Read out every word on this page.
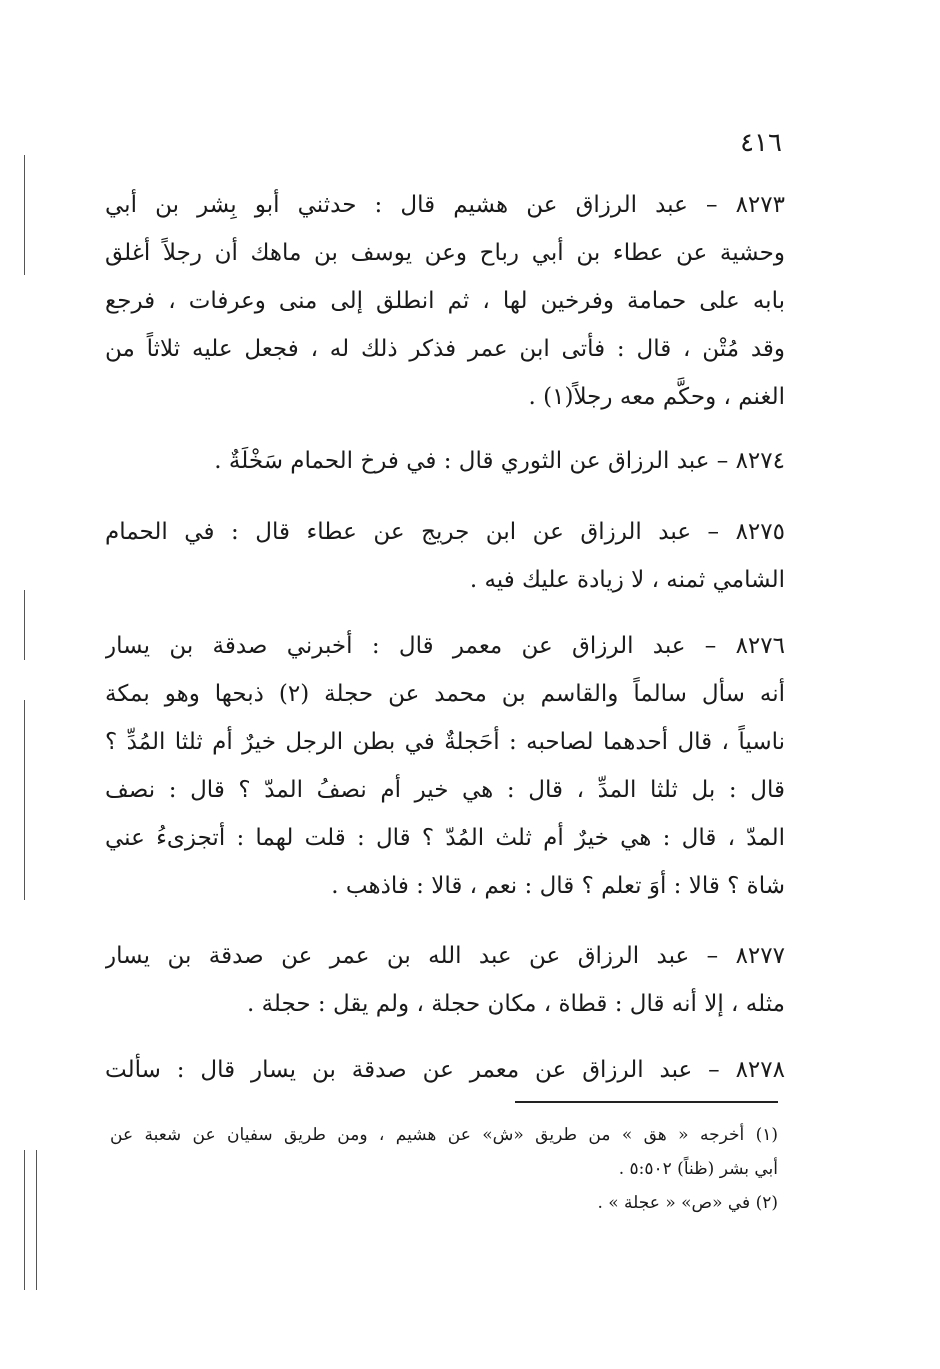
٤١٦
٨٢٧٣ – عبد الرزاق عن هشيم قال : حدثني أبو بِشر بن أبي
وحشية عن عطاء بن أبي رباح وعن يوسف بن ماهك أن رجلاً أغلق
بابه على حمامة وفرخين لها ، ثم انطلق إلى منى وعرفات ، فرجع
وقد مُتْن ، قال : فأتى ابن عمر فذكر ذلك له ، فجعل عليه ثلاثاً من
الغنم ، وحكَّم معه رجلاً(١) .
٨٢٧٤ – عبد الرزاق عن الثوري قال : في فرخ الحمام سَخْلَةٌ .
٨٢٧٥ – عبد الرزاق عن ابن جريج عن عطاء قال : في الحمام
الشامي ثمنه ، لا زيادة عليك فيه .
٨٢٧٦ – عبد الرزاق عن معمر قال : أخبرني صدقة بن يسار
أنه سأل سالماً والقاسم بن محمد عن حجلة (٢) ذبحها وهو بمكة
ناسياً ، قال أحدهما لصاحبه : أحَجلةٌ في بطن الرجل خيرٌ أم ثلثا المُدِّ ؟
قال : بل ثلثا المدِّ ، قال : هي خير أم نصفُ المدّ ؟ قال : نصف
المدّ ، قال : هي خيرٌ أم ثلث المُدّ ؟ قال : قلت لهما : أتجزىءُ عني
شاة ؟ قالا : أوَ تعلم ؟ قال : نعم ، قالا : فاذهب .
٨٢٧٧ – عبد الرزاق عن عبد الله بن عمر عن صدقة بن يسار
مثله ، إلا أنه قال : قطاة ، مكان حجلة ، ولم يقل : حجلة .
٨٢٧٨ – عبد الرزاق عن معمر عن صدقة بن يسار قال : سألت
(١) أخرجه « هق » من طريق «ش» عن هشيم ، ومن طريق سفيان عن شعبة عن
أبي بشر (ظناً) ٥:٥٠٢ .
(٢) في «ص» « عجلة » .
